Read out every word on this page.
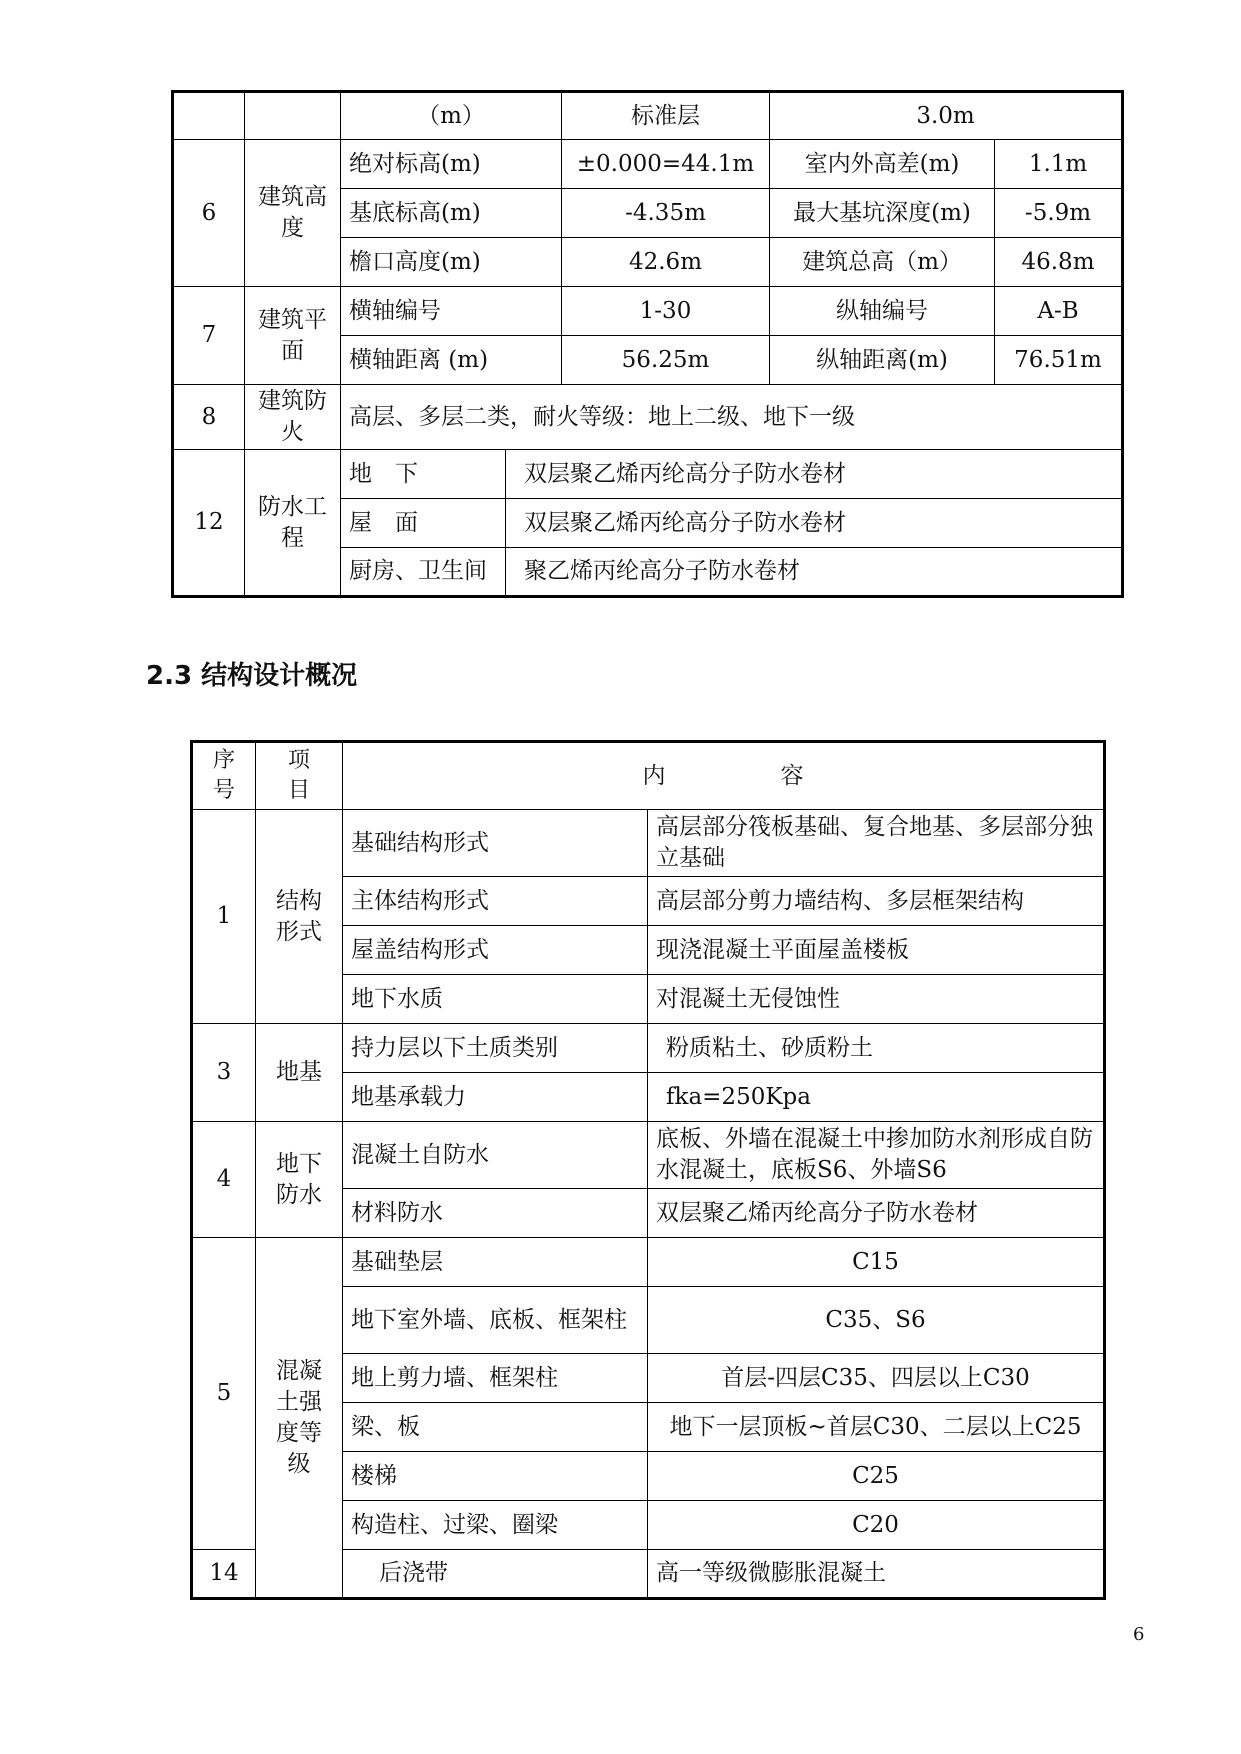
		（m）		标准层	3.0m	
6	建筑高度	绝对标高(m)		±0.000=44.1m	室内外高差(m)	1.1m
		基底标高(m)		-4.35m	最大基坑深度(m)	-5.9m
		檐口高度(m)		42.6m	建筑总高（m）	46.8m
7	建筑平面	横轴编号		1-30	纵轴编号	A-B
		横轴距离 (m)		56.25m	纵轴距离(m)	76.51m
8	建筑防火	高层、多层二类，耐火等级：地上二级、地下一级				
12	防水工程	地　下	双层聚乙烯丙纶高分子防水卷材			
		屋　面	双层聚乙烯丙纶高分子防水卷材			
		厨房、卫生间	聚乙烯丙纶高分子防水卷材			
2.3 结构设计概况
序号	项目	内　　　　　容	
1	结构形式	基础结构形式	高层部分筏板基础、复合地基、多层部分独立基础
		主体结构形式	高层部分剪力墙结构、多层框架结构
		屋盖结构形式	现浇混凝土平面屋盖楼板
		地下水质	对混凝土无侵蚀性
3	地基	持力层以下土质类别	粉质粘土、砂质粉土
		地基承载力	fka=250Kpa
4	地下防水	混凝土自防水	底板、外墙在混凝土中掺加防水剂形成自防水混凝土，底板S6、外墙S6
		材料防水	双层聚乙烯丙纶高分子防水卷材
5	混凝土强度等级	基础垫层	C15
		地下室外墙、底板、框架柱	C35、S6
		地上剪力墙、框架柱	首层-四层C35、四层以上C30
		梁、板	地下一层顶板~首层C30、二层以上C25
		楼梯	C25
		构造柱、过梁、圈梁	C20
14		后浇带	高一等级微膨胀混凝土
6
